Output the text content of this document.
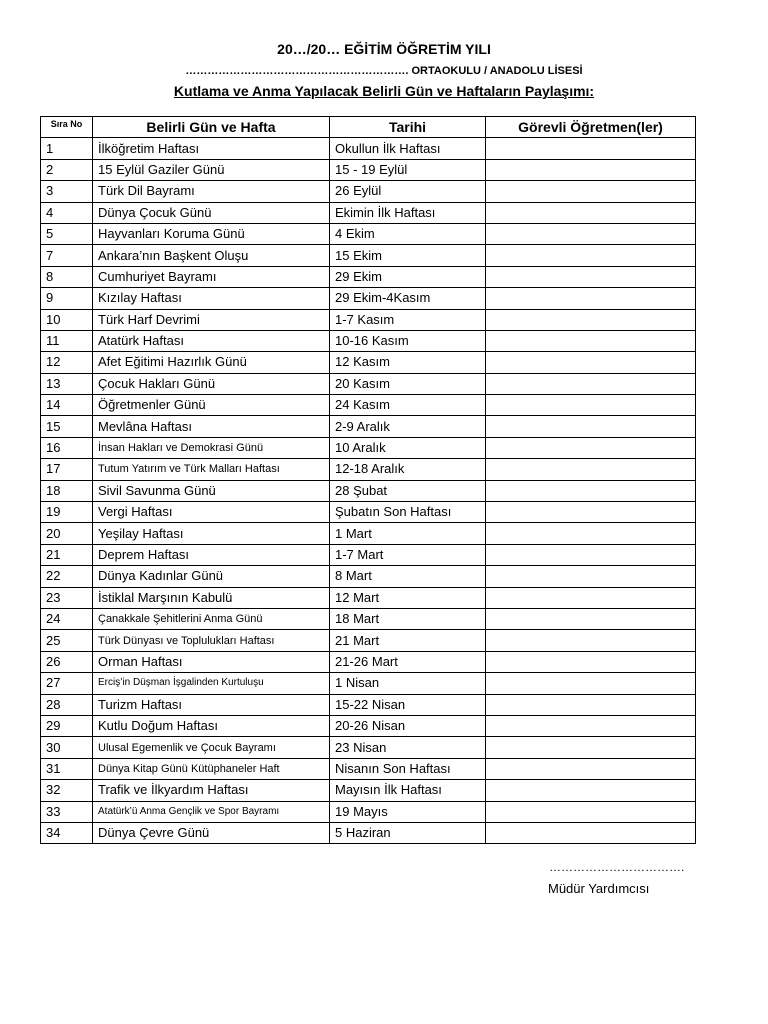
20…/20… EĞİTİM ÖĞRETİM YILI
……………………………………………………. ORTAOKULU / ANADOLU LİSESİ
Kutlama ve Anma Yapılacak Belirli Gün ve Haftaların Paylaşımı:
Sıra No	Belirli Gün ve Hafta	Tarihi	Görevli Öğretmen(ler)
1	İlköğretim Haftası	Okullun İlk Haftası	
2	15 Eylül Gaziler Günü	15 - 19 Eylül	
3	Türk Dil Bayramı	26 Eylül	
4	Dünya Çocuk Günü	Ekimin İlk Haftası	
5	Hayvanları Koruma Günü	4 Ekim	
7	Ankara’nın Başkent Oluşu	15 Ekim	
8	Cumhuriyet Bayramı	29 Ekim	
9	Kızılay Haftası	29 Ekim-4Kasım	
10	Türk Harf Devrimi	1-7 Kasım	
11	Atatürk Haftası	10-16 Kasım	
12	Afet Eğitimi Hazırlık Günü	12 Kasım	
13	Çocuk Hakları Günü	20 Kasım	
14	Öğretmenler Günü	24 Kasım	
15	Mevlâna Haftası	2-9 Aralık	
16	İnsan Hakları ve Demokrasi Günü	10 Aralık	
17	Tutum Yatırım ve Türk Malları Haftası	12-18 Aralık	
18	Sivil Savunma Günü	28 Şubat	
19	Vergi Haftası	Şubatın Son Haftası	
20	Yeşilay Haftası	1 Mart	
21	Deprem Haftası	1-7 Mart	
22	Dünya Kadınlar Günü	8 Mart	
23	İstiklal Marşının Kabulü	12 Mart	
24	Çanakkale Şehitlerini Anma Günü	18 Mart	
25	Türk Dünyası ve Toplulukları Haftası	21 Mart	
26	Orman Haftası	21-26 Mart	
27	Erciş’in Düşman İşgalinden Kurtuluşu	1 Nisan	
28	Turizm Haftası	15-22 Nisan	
29	Kutlu Doğum Haftası	20-26 Nisan	
30	Ulusal Egemenlik ve Çocuk Bayramı	23 Nisan	
31	Dünya Kitap Günü Kütüphaneler Haft	Nisanın Son Haftası	
32	Trafik ve İlkyardım Haftası	Mayısın İlk Haftası	
33	Atatürk’ü Anma Gençlik ve Spor Bayramı	19 Mayıs	
34	Dünya Çevre Günü	5 Haziran	
…………………………….
Müdür Yardımcısı
